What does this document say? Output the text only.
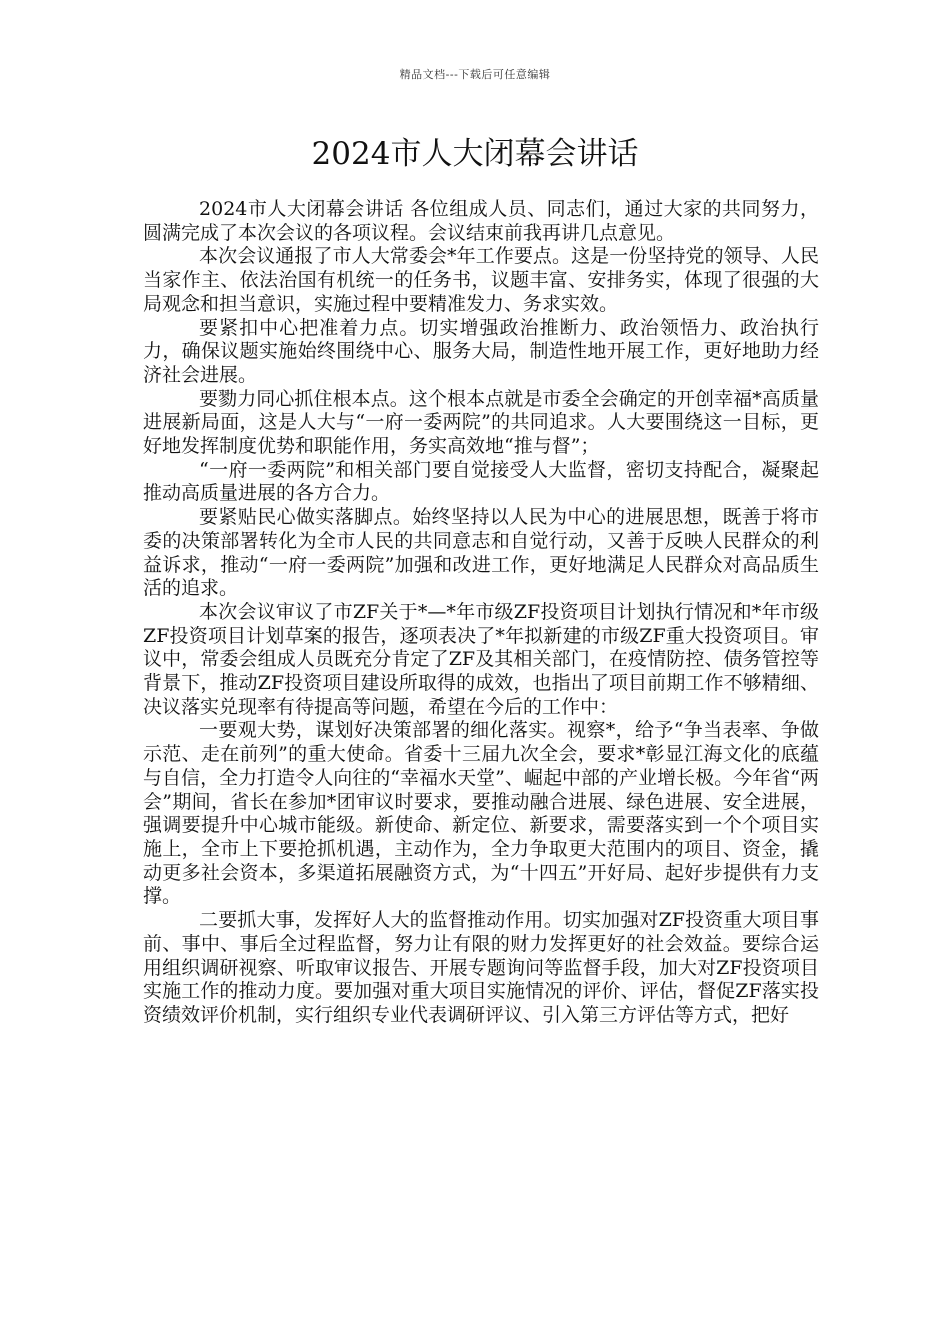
精品文档---下载后可任意编辑
2024市人大闭幕会讲话

2024市人大闭幕会讲话 各位组成人员、同志们，通过大家的共同努力，圆满完成了本次会议的各项议程。会议结束前我再讲几点意见。

本次会议通报了市人大常委会*年工作要点。这是一份坚持党的领导、人民当家作主、依法治国有机统一的任务书，议题丰富、安排务实，体现了很强的大局观念和担当意识，实施过程中要精准发力、务求实效。

要紧扣中心把准着力点。切实增强政治推断力、政治领悟力、政治执行力，确保议题实施始终围绕中心、服务大局，制造性地开展工作，更好地助力经济社会进展。

要勠力同心抓住根本点。这个根本点就是市委全会确定的开创幸福*高质量进展新局面，这是人大与“一府一委两院”的共同追求。人大要围绕这一目标，更好地发挥制度优势和职能作用，务实高效地“推与督”；

“一府一委两院”和相关部门要自觉接受人大监督，密切支持配合，凝聚起推动高质量进展的各方合力。

要紧贴民心做实落脚点。始终坚持以人民为中心的进展思想，既善于将市委的决策部署转化为全市人民的共同意志和自觉行动，又善于反映人民群众的利益诉求，推动“一府一委两院”加强和改进工作，更好地满足人民群众对高品质生活的追求。

本次会议审议了市ZF关于*—*年市级ZF投资项目计划执行情况和*年市级ZF投资项目计划草案的报告，逐项表决了*年拟新建的市级ZF重大投资项目。审议中，常委会组成人员既充分肯定了ZF及其相关部门，在疫情防控、债务管控等背景下，推动ZF投资项目建设所取得的成效，也指出了项目前期工作不够精细、决议落实兑现率有待提高等问题，希望在今后的工作中：

一要观大势，谋划好决策部署的细化落实。视察*，给予“争当表率、争做示范、走在前列”的重大使命。省委十三届九次全会，要求*彰显江海文化的底蕴与自信，全力打造令人向往的“幸福水天堂”、崛起中部的产业增长极。今年省“两会”期间，省长在参加*团审议时要求，要推动融合进展、绿色进展、安全进展，强调要提升中心城市能级。新使命、新定位、新要求，需要落实到一个个项目实施上，全市上下要抢抓机遇，主动作为，全力争取更大范围内的项目、资金，撬动更多社会资本，多渠道拓展融资方式，为“十四五”开好局、起好步提供有力支撑。

二要抓大事，发挥好人大的监督推动作用。切实加强对ZF投资重大项目事前、事中、事后全过程监督，努力让有限的财力发挥更好的社会效益。要综合运用组织调研视察、听取审议报告、开展专题询问等监督手段，加大对ZF投资项目实施工作的推动力度。要加强对重大项目实施情况的评价、评估，督促ZF落实投资绩效评价机制，实行组织专业代表调研评议、引入第三方评估等方式，把好
